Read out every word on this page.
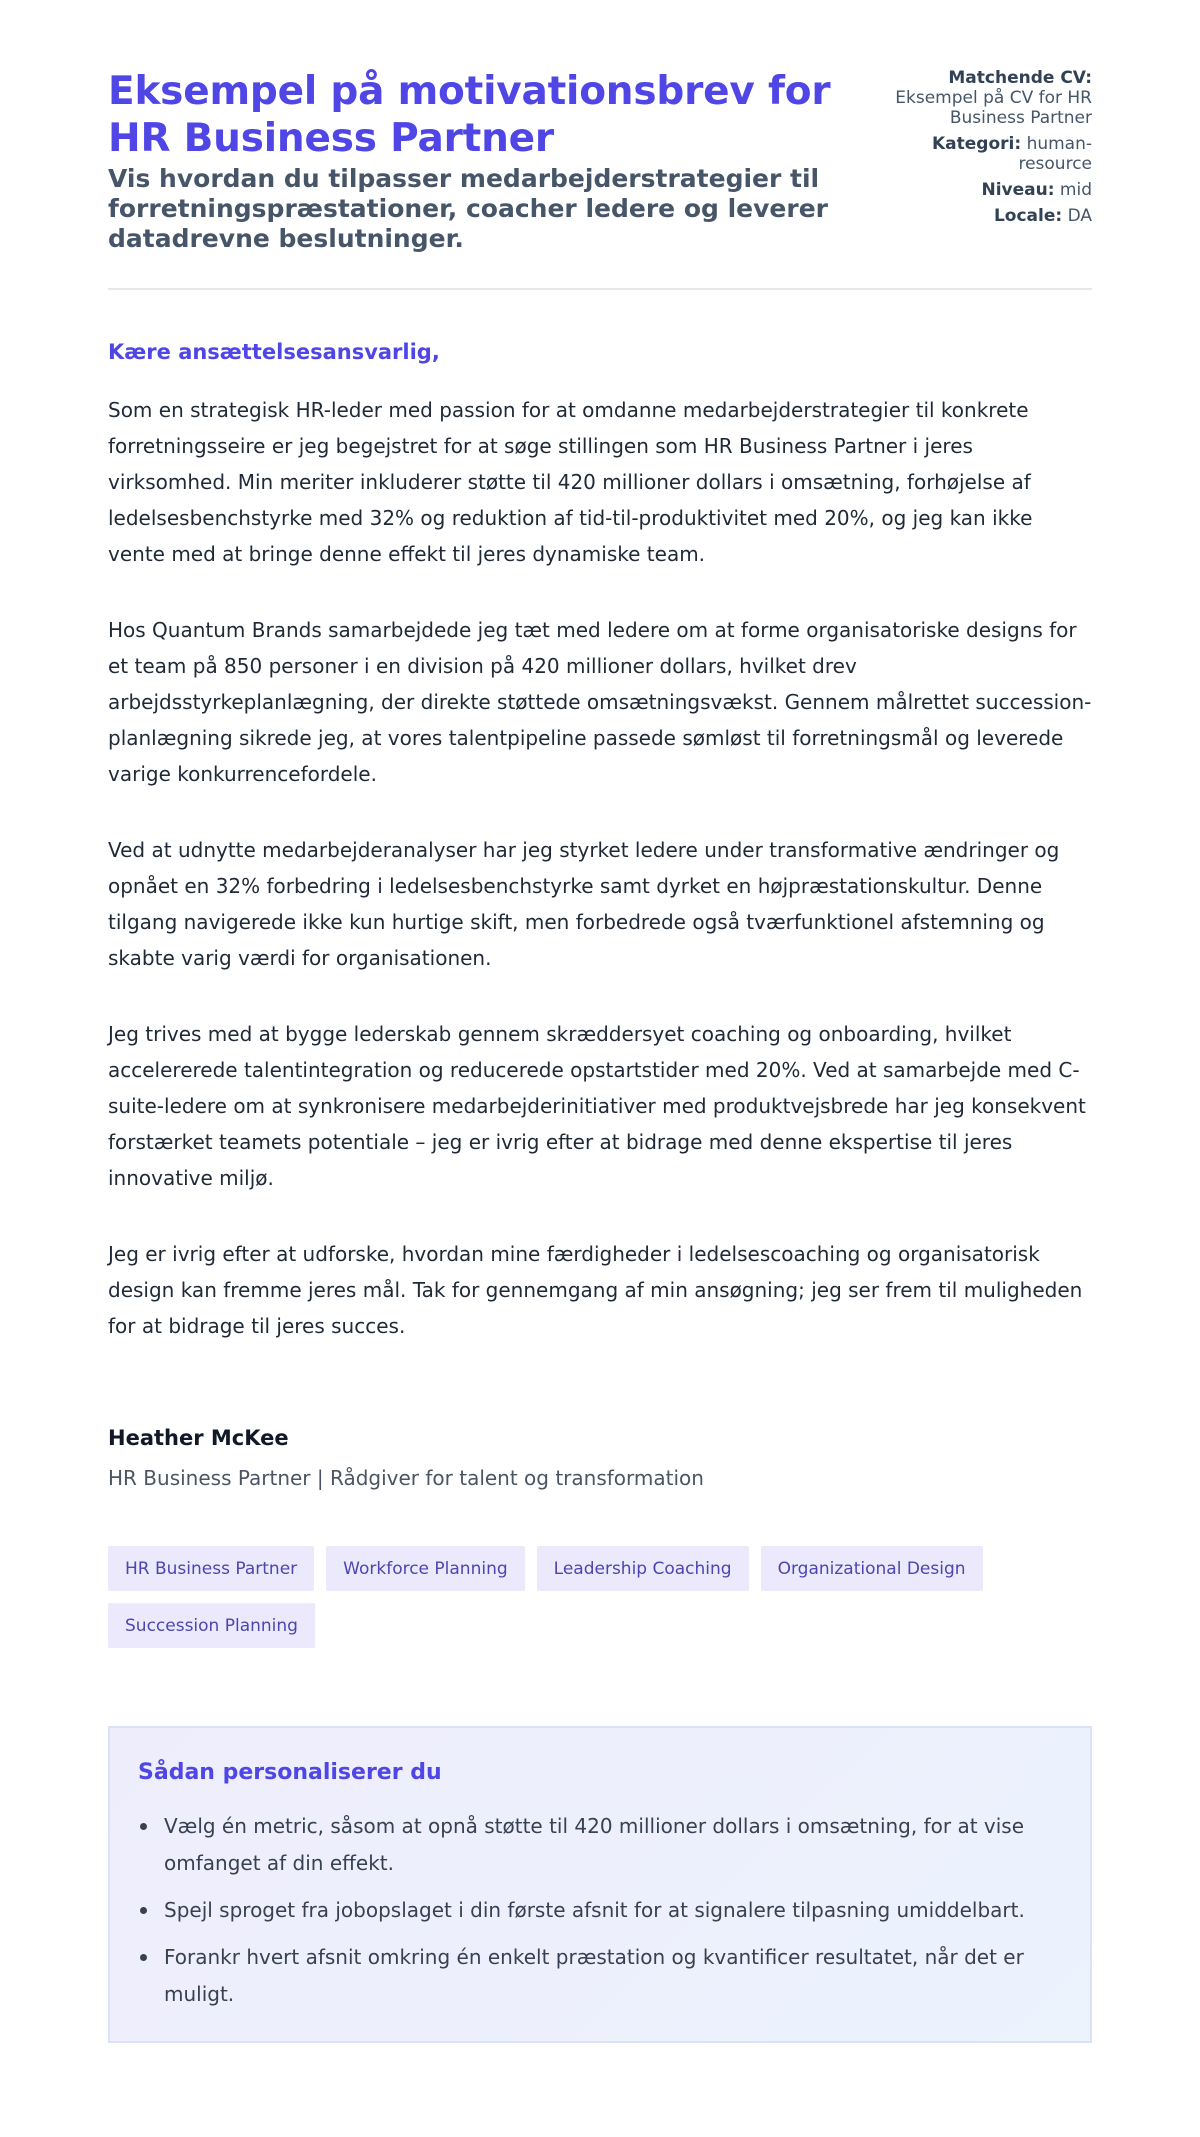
Eksempel på motivationsbrev for HR Business Partner
Vis hvordan du tilpasser medarbejderstrategier til forretningspræstationer, coacher ledere og leverer datadrevne beslutninger.
Matchende CV:
Eksempel på CV for HR Business Partner
Kategori: human-resource
Niveau: mid
Locale: DA
Kære ansættelsesansvarlig,

Som en strategisk HR-leder med passion for at omdanne medarbejderstrategier til konkrete forretningsseire er jeg begejstret for at søge stillingen som HR Business Partner i jeres virksomhed. Min meriter inkluderer støtte til 420 millioner dollars i omsætning, forhøjelse af ledelsesbenchstyrke med 32% og reduktion af tid-til-produktivitet med 20%, og jeg kan ikke vente med at bringe denne effekt til jeres dynamiske team.

Hos Quantum Brands samarbejdede jeg tæt med ledere om at forme organisatoriske designs for et team på 850 personer i en division på 420 millioner dollars, hvilket drev arbejdsstyrkeplanlægning, der direkte støttede omsætningsvækst. Gennem målrettet succession-planlægning sikrede jeg, at vores talentpipeline passede sømløst til forretningsmål og leverede varige konkurrencefordele.

Ved at udnytte medarbejderanalyser har jeg styrket ledere under transformative ændringer og opnået en 32% forbedring i ledelsesbenchstyrke samt dyrket en højpræstationskultur. Denne tilgang navigerede ikke kun hurtige skift, men forbedrede også tværfunktionel afstemning og skabte varig værdi for organisationen.

Jeg trives med at bygge lederskab gennem skræddersyet coaching og onboarding, hvilket accelererede talentintegration og reducerede opstartstider med 20%. Ved at samarbejde med C-suite-ledere om at synkronisere medarbejderinitiativer med produktvejsbrede har jeg konsekvent forstærket teamets potentiale – jeg er ivrig efter at bidrage med denne ekspertise til jeres innovative miljø.

Jeg er ivrig efter at udforske, hvordan mine færdigheder i ledelsescoaching og organisatorisk design kan fremme jeres mål. Tak for gennemgang af min ansøgning; jeg ser frem til muligheden for at bidrage til jeres succes.

Heather McKee
HR Business Partner | Rådgiver for talent og transformation
HR Business Partner	Workforce Planning	Leadership Coaching	Organizational Design
Succession Planning
Sådan personaliserer du
Vælg én metric, såsom at opnå støtte til 420 millioner dollars i omsætning, for at vise omfanget af din effekt.
Spejl sproget fra jobopslaget i din første afsnit for at signalere tilpasning umiddelbart.
Forankr hvert afsnit omkring én enkelt præstation og kvantificer resultatet, når det er muligt.
